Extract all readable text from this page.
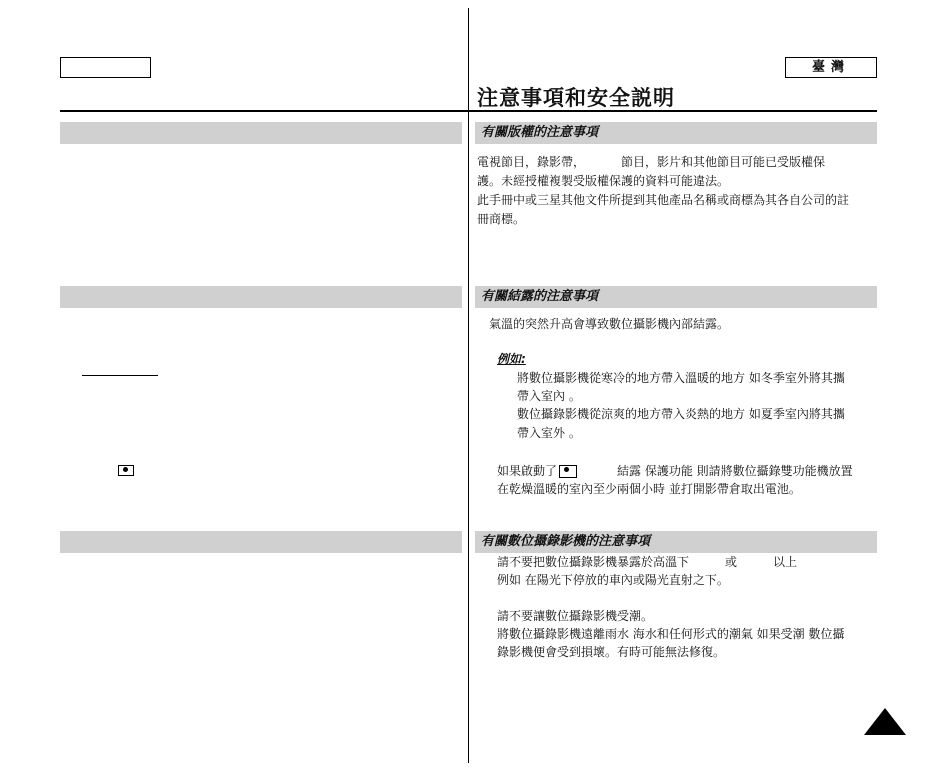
臺灣
注意事項和安全説明
有關版權的注意事項
電視節目，錄影帶，	節目，影片和其他節目可能已受版權保
護。未經授權複製受版權保護的資料可能違法。
此手冊中或三星其他文件所提到其他產品名稱或商標為其各自公司的註
冊商標。
有關結露的注意事項
氣溫的突然升高會導致數位攝影機內部結露。
例如:
將數位攝影機從寒冷的地方帶入溫暖的地方 如冬季室外將其攜
帶入室內 。
數位攝錄影機從涼爽的地方帶入炎熱的地方 如夏季室內將其攜
帶入室外 。
如果啟動了	結露 保護功能 則請將數位攝錄雙功能機放置
在乾燥溫暖的室內至少兩個小時 並打開影帶倉取出電池。
有關數位攝錄影機的注意事項
請不要把數位攝錄影機暴露於高溫下	或	以上
例如 在陽光下停放的車內或陽光直射之下。
請不要讓數位攝錄影機受潮。
將數位攝錄影機遠離雨水 海水和任何形式的潮氣 如果受潮 數位攝
錄影機便會受到損壞。有時可能無法修復。
